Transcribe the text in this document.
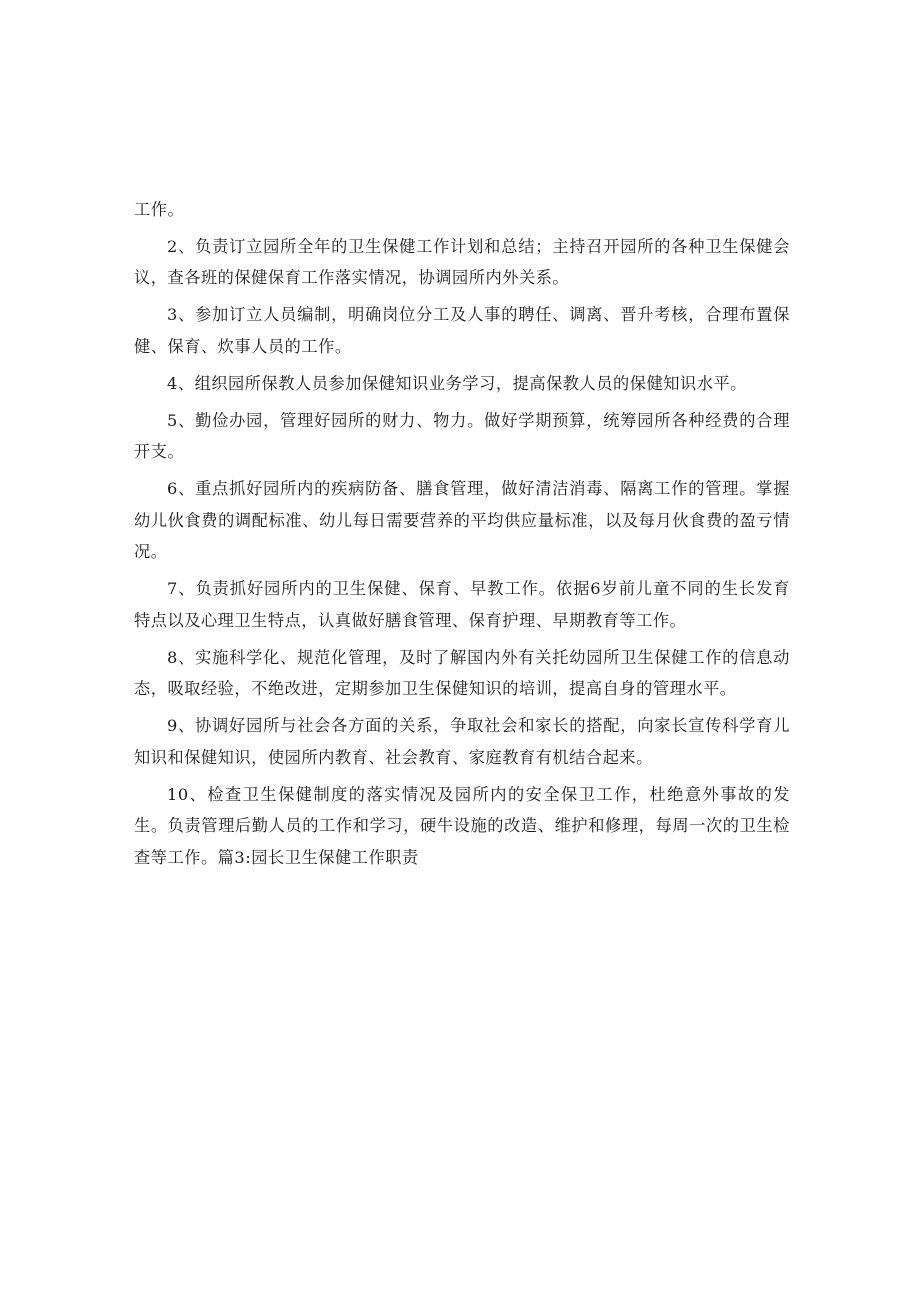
工作。

2、负责订立园所全年的卫生保健工作计划和总结；主持召开园所的各种卫生保健会议，查各班的保健保育工作落实情况，协调园所内外关系。

3、参加订立人员编制，明确岗位分工及人事的聘任、调离、晋升考核，合理布置保健、保育、炊事人员的工作。

4、组织园所保教人员参加保健知识业务学习，提高保教人员的保健知识水平。

5、勤俭办园，管理好园所的财力、物力。做好学期预算，统筹园所各种经费的合理开支。

6、重点抓好园所内的疾病防备、膳食管理，做好清洁消毒、隔离工作的管理。掌握幼儿伙食费的调配标准、幼儿每日需要营养的平均供应量标准，以及每月伙食费的盈亏情况。

7、负责抓好园所内的卫生保健、保育、早教工作。依据6岁前儿童不同的生长发育特点以及心理卫生特点，认真做好膳食管理、保育护理、早期教育等工作。

8、实施科学化、规范化管理，及时了解国内外有关托幼园所卫生保健工作的信息动态，吸取经验，不绝改进，定期参加卫生保健知识的培训，提高自身的管理水平。

9、协调好园所与社会各方面的关系，争取社会和家长的搭配，向家长宣传科学育儿知识和保健知识，使园所内教育、社会教育、家庭教育有机结合起来。

10、检查卫生保健制度的落实情况及园所内的安全保卫工作，杜绝意外事故的发生。负责管理后勤人员的工作和学习，硬牛设施的改造、维护和修理，每周一次的卫生检查等工作。篇3:园长卫生保健工作职责
